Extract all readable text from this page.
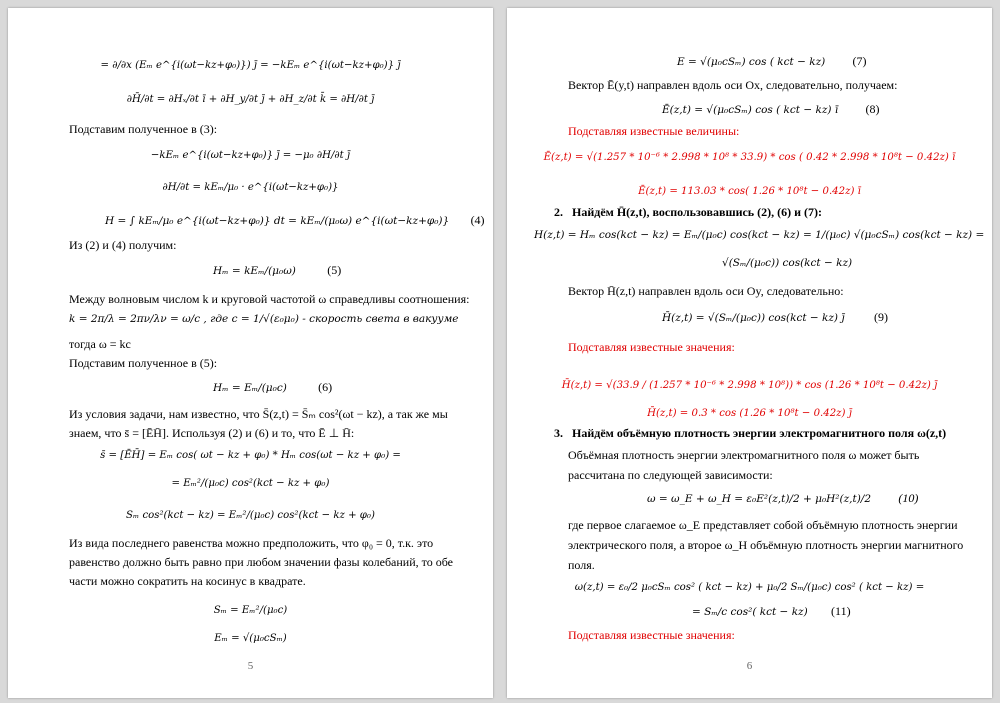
= ∂/∂x (Eₘ e^{i(ωt−kz+φ₀)}) ȷ̄ = −kEₘ e^{i(ωt−kz+φ₀)} ȷ̄
∂H̄/∂t = ∂Hₓ/∂t ī + ∂H_y/∂t ȷ̄ + ∂H_z/∂t k̄ = ∂H/∂t ȷ̄
Подставим полученное в (3):
−kEₘ e^{i(ωt−kz+φ₀)} ȷ̄ = −μ₀ ∂H/∂t ȷ̄
∂H/∂t = kEₘ/μ₀ · e^{i(ωt−kz+φ₀)}
H = ∫ kEₘ/μ₀ e^{i(ωt−kz+φ₀)} dt = kEₘ/(μ₀ω) e^{i(ωt−kz+φ₀)} (4)
Из (2) и (4) получим:
Hₘ = kEₘ/(μ₀ω)	(5)
Между волновым числом k и круговой частотой ω справедливы соотношения:
k = 2π/λ = 2πν/λν = ω/c , где c = 1/√(ε₀μ₀) - скорость света в вакууме
тогда ω = kc
Подставим полученное в (5):
Hₘ = Eₘ/(μ₀c)	(6)
Из условия задачи, нам известно, что S̄(z,t) = S̄ₘ cos²(ωt − kz), а так же мы
знаем, что s̄ = [ĒH̄]. Используя (2) и (6) и то, что Ē ⊥ H̄:
s̄ = [ĒH̄] = Eₘ cos( ωt − kz + φ₀) * Hₘ cos(ωt − kz + φ₀) =
= Eₘ²/(μ₀c) cos²(kct − kz + φ₀)
Sₘ cos²(kct − kz) = Eₘ²/(μ₀c) cos²(kct − kz + φ₀)
Из вида последнего равенства можно предположить, что φ₀ = 0, т.к. это
равенство должно быть равно при любом значении фазы колебаний, то обе
части можно сократить на косинус в квадрате.
Sₘ = Eₘ²/(μ₀c)
Eₘ = √(μ₀cSₘ)
5
E = √(μ₀cSₘ) cos ( kct − kz) (7)
Вектор Ē(y,t) направлен вдоль оси Ox, следовательно, получаем:
Ē(z,t) = √(μ₀cSₘ) cos ( kct − kz) ī (8)
Подставляя известные величины:
Ē(z,t) = √(1.257 * 10⁻⁶ * 2.998 * 10⁸ * 33.9) * cos ( 0.42 * 2.998 * 10⁸t − 0.42z) ī
Ē(z,t) = 113.03 * cos( 1.26 * 10⁸t − 0.42z) ī
2. Найдём H̄(z,t), воспользовавшись (2), (6) и (7):
H(z,t) = Hₘ cos(kct − kz) = Eₘ/(μ₀c) cos(kct − kz) = 1/(μ₀c) √(μ₀cSₘ) cos(kct − kz) =
√(Sₘ/(μ₀c)) cos(kct − kz)
Вектор H̄(z,t) направлен вдоль оси Oy, следовательно:
H̄(z,t) = √(Sₘ/(μ₀c)) cos(kct − kz) ȷ̄ (9)
Подставляя известные значения:
H̄(z,t) = √(33.9 / (1.257 * 10⁻⁶ * 2.998 * 10⁸)) * cos (1.26 * 10⁸t − 0.42z) ȷ̄
H̄(z,t) = 0.3 * cos (1.26 * 10⁸t − 0.42z) ȷ̄
3. Найдём объёмную плотность энергии электромагнитного поля ω(z,t)
Объёмная плотность энергии электромагнитного поля ω может быть
рассчитана по следующей зависимости:
ω = ω_E + ω_H = ε₀E²(z,t)/2 + μ₀H²(z,t)/2 (10)
где первое слагаемое ω_E представляет собой объёмную плотность энергии
электрического поля, а второе ω_H объёмную плотность энергии магнитного
поля.
ω(z,t) = ε₀/2 μ₀cSₘ cos² ( kct − kz) + μ₀/2 Sₘ/(μ₀c) cos² ( kct − kz) =
= Sₘ/c cos²( kct − kz) (11)
Подставляя известные значения:
6
